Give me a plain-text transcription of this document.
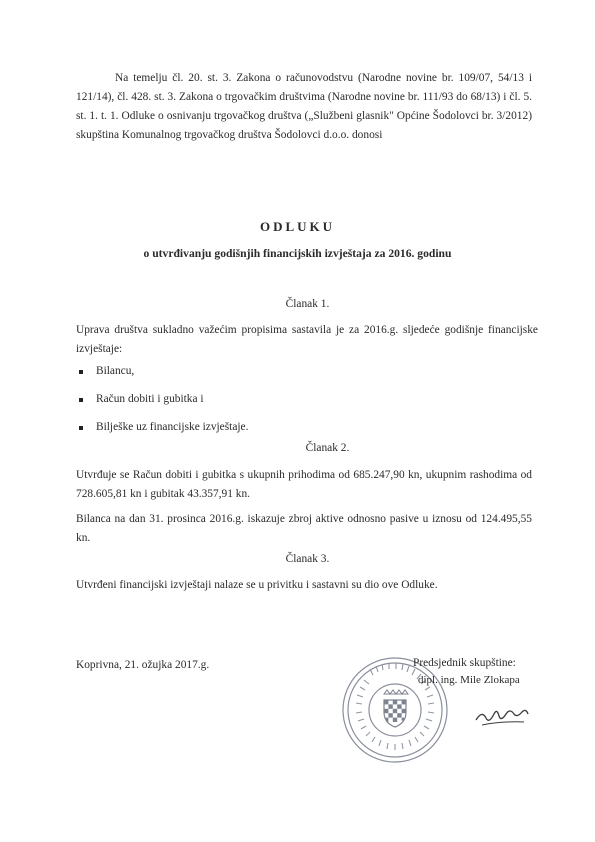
Na temelju čl. 20. st. 3. Zakona o računovodstvu (Narodne novine br. 109/07, 54/13 i 121/14), čl. 428. st. 3. Zakona o trgovačkim društvima (Narodne novine br. 111/93 do 68/13) i čl. 5. st. 1. t. 1. Odluke o osnivanju trgovačkog društva („Službeni glasnik" Općine Šodolovci br. 3/2012) skupština Komunalnog trgovačkog društva Šodolovci d.o.o. donosi
ODLUKU
o utvrđivanju godišnjih financijskih izvještaja za 2016. godinu
Članak 1.
Uprava društva sukladno važećim propisima sastavila je za 2016.g. sljedeće godišnje financijske izvještaje:
Bilancu,
Račun dobiti i gubitka i
Bilješke uz financijske izvještaje.
Članak 2.
Utvrđuje se Račun dobiti i gubitka s ukupnih prihodima od 685.247,90 kn, ukupnim rashodima od 728.605,81 kn i gubitak 43.357,91 kn.
Bilanca na dan 31. prosinca 2016.g. iskazuje zbroj aktive odnosno pasive u iznosu od 124.495,55 kn.
Članak 3.
Utvrđeni financijski izvještaji nalaze se u privitku i sastavni su dio ove Odluke.
Koprivna, 21. ožujka 2017.g.	Predsjednik skupštine:
dipl. ing. Mile Zlokapa
